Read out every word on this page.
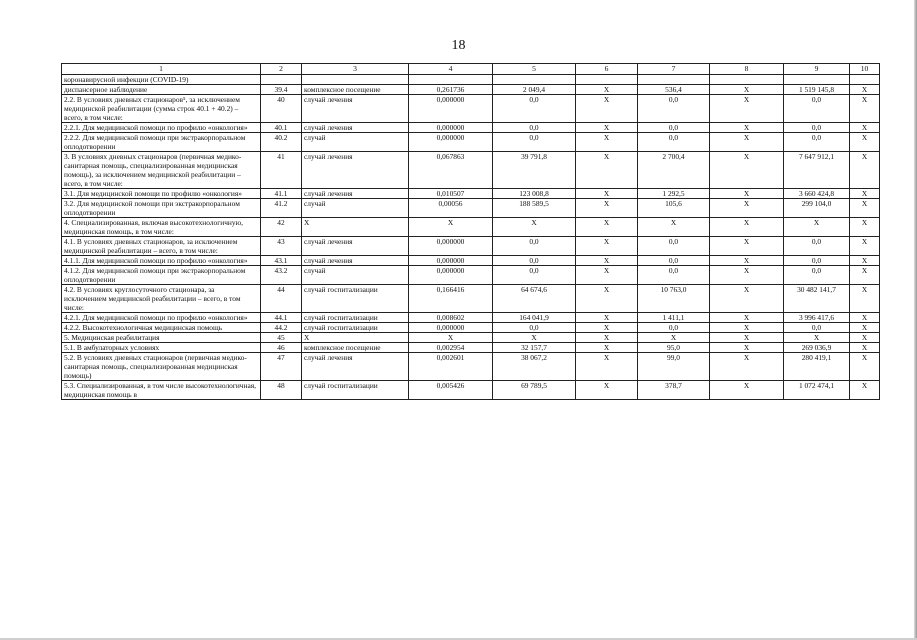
18
1	2	3	4	5	6	7	8	9	10
коронавирусной инфекции (COVID-19)									
диспансерное наблюдение	39.4	комплексное посещение	0,261736	2 049,4	X	536,4	X	1 519 145,8	X
2.2. В условиях дневных стационаров⁵, за исключением медицинской реабилитации (сумма строк 40.1 + 40.2) – всего, в том числе:	40	случай лечения	0,000000	0,0	X	0,0	X	0,0	X
2.2.1. Для медицинской помощи по профилю «онкология»	40.1	случай лечения	0,000000	0,0	X	0,0	X	0,0	X
2.2.2. Для медицинской помощи при экстракорпоральном оплодотворении	40.2	случай	0,000000	0,0	X	0,0	X	0,0	X
3. В условиях дневных стационаров (первичная медико-санитарная помощь, специализированная медицинская помощь), за исключением медицинской реабилитации – всего, в том числе:	41	случай лечения	0,067863	39 791,8	X	2 700,4	X	7 647 912,1	X
3.1. Для медицинской помощи по профилю «онкология»	41.1	случай лечения	0,010507	123 008,8	X	1 292,5	X	3 660 424,8	X
3.2. Для медицинской помощи при экстракорпоральном оплодотворении	41.2	случай	0,00056	188 589,5	X	105,6	X	299 104,0	X
4. Специализированная, включая высокотехнологичную, медицинская помощь, в том числе:	42	X	X	X	X	X	X	X	X
4.1. В условиях дневных стационаров, за исключением медицинской реабилитации – всего, в том числе:	43	случай лечения	0,000000	0,0	X	0,0	X	0,0	X
4.1.1. Для медицинской помощи по профилю «онкология»	43.1	случай лечения	0,000000	0,0	X	0,0	X	0,0	X
4.1.2. Для медицинской помощи при экстракорпоральном оплодотворении	43.2	случай	0,000000	0,0	X	0,0	X	0,0	X
4.2. В условиях круглосуточного стационара, за исключением медицинской реабилитации – всего, в том числе:	44	случай госпитализации	0,166416	64 674,6	X	10 763,0	X	30 482 141,7	X
4.2.1. Для медицинской помощи по профилю «онкология»	44.1	случай госпитализации	0,008602	164 041,9	X	1 411,1	X	3 996 417,6	X
4.2.2. Высокотехнологичная медицинская помощь	44.2	случай госпитализации	0,000000	0,0	X	0,0	X	0,0	X
5. Медицинская реабилитация	45	X	X	X	X	X	X	X	X
5.1. В амбулаторных условиях	46	комплексное посещение	0,002954	32 157,7	X	95,0	X	269 036,9	X
5.2. В условиях дневных стационаров (первичная медико-санитарная помощь, специализированная медицинская помощь)	47	случай лечения	0,002601	38 067,2	X	99,0	X	280 419,1	X
5.3. Специализированная, в том числе высокотехнологичная, медицинская помощь в	48	случай госпитализации	0,005426	69 789,5	X	378,7	X	1 072 474,1	X
